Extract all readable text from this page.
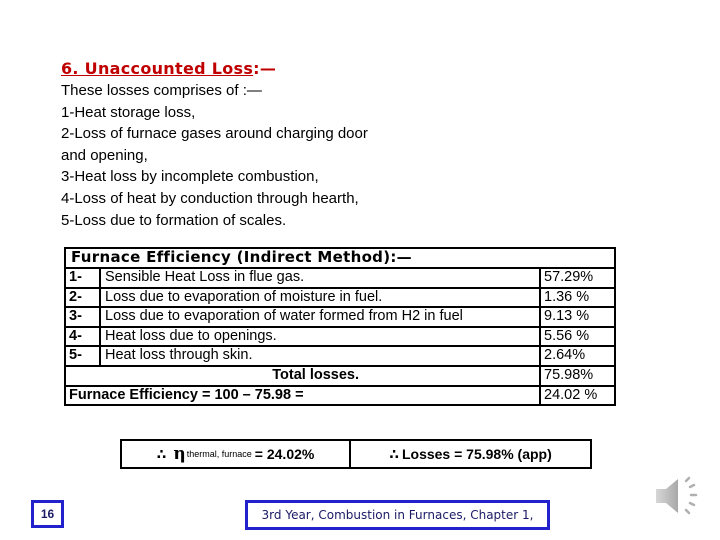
6. Unaccounted Loss:—
These losses comprises of :—
1-Heat storage loss,
2-Loss of furnace gases around charging door
and opening,
3-Heat loss by incomplete combustion,
4-Loss of heat by conduction through hearth,
5-Loss due to formation of scales.
Furnace Efficiency (Indirect Method):—		
1-	Sensible Heat Loss in flue gas.	57.29%
2-	Loss due to evaporation of moisture in fuel.	1.36 %
3-	Loss due to evaporation of water formed from H2 in fuel	9.13 %
4-	Heat loss due to openings.	5.56 %
5-	Heat loss through skin.	2.64%
Total losses.		75.98%
Furnace Efficiency = 100 – 75.98 =		24.02 %
∴ η thermal, furnace = 24.02%	∴ Losses = 75.98% (app)
16	3rd Year, Combustion in Furnaces, Chapter 1,
